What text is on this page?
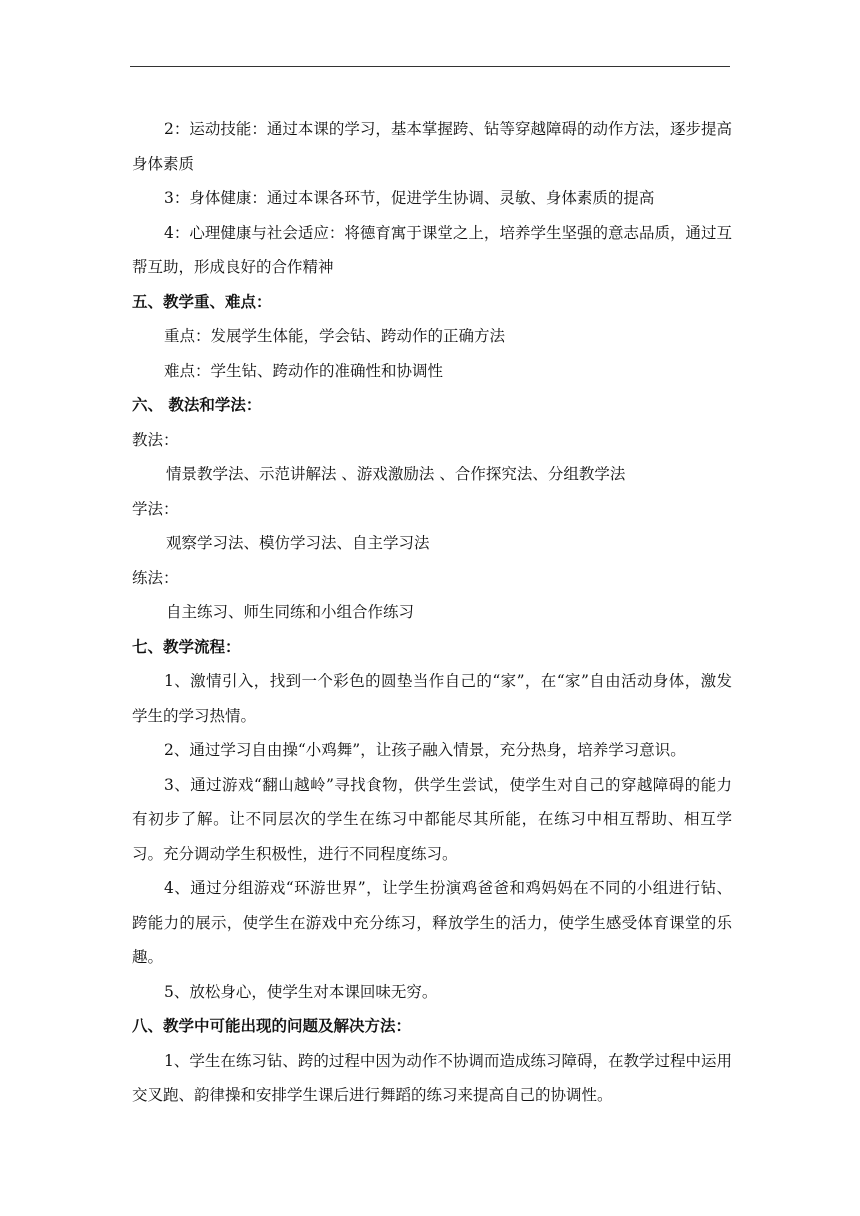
2：运动技能：通过本课的学习，基本掌握跨、钻等穿越障碍的动作方法，逐步提高身体素质

3：身体健康：通过本课各环节，促进学生协调、灵敏、身体素质的提高

4：心理健康与社会适应：将德育寓于课堂之上，培养学生坚强的意志品质，通过互帮互助，形成良好的合作精神

五、教学重、难点：

重点：发展学生体能，学会钻、跨动作的正确方法

难点：学生钻、跨动作的准确性和协调性

六、 教法和学法：

教法：

情景教学法、示范讲解法 、游戏激励法 、合作探究法、分组教学法

学法：

观察学习法、模仿学习法、自主学习法

练法：

自主练习、师生同练和小组合作练习

七、教学流程：

1、激情引入，找到一个彩色的圆垫当作自己的“家”，在“家”自由活动身体，激发学生的学习热情。

2、通过学习自由操“小鸡舞”，让孩子融入情景，充分热身，培养学习意识。

3、通过游戏“翻山越岭”寻找食物，供学生尝试，使学生对自己的穿越障碍的能力有初步了解。让不同层次的学生在练习中都能尽其所能，在练习中相互帮助、相互学习。充分调动学生积极性，进行不同程度练习。

4、通过分组游戏“环游世界”，让学生扮演鸡爸爸和鸡妈妈在不同的小组进行钻、跨能力的展示，使学生在游戏中充分练习，释放学生的活力，使学生感受体育课堂的乐趣。

5、放松身心，使学生对本课回味无穷。

八、教学中可能出现的问题及解决方法：

1、学生在练习钻、跨的过程中因为动作不协调而造成练习障碍，在教学过程中运用交叉跑、韵律操和安排学生课后进行舞蹈的练习来提高自己的协调性。
